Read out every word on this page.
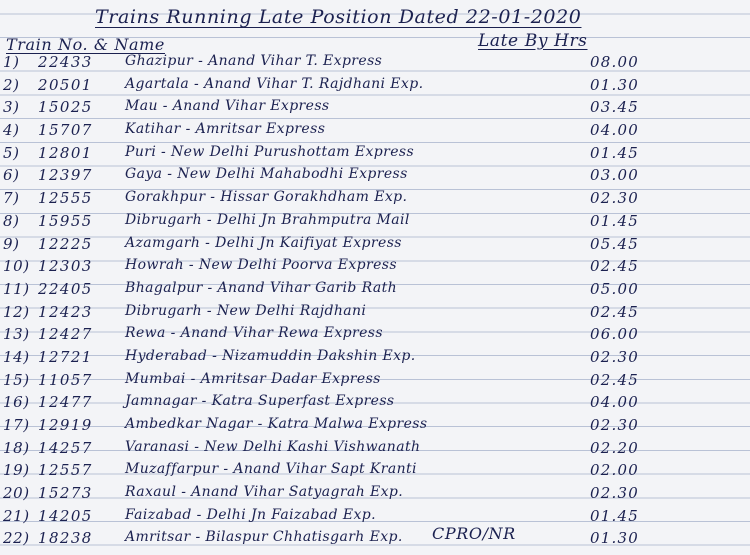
Trains Running Late Position Dated 22-01-2020
Train No. & Name	Late By Hrs
1) 22433 Ghazipur - Anand Vihar T. Express	08.00
2) 20501 Agartala - Anand Vihar T. Rajdhani Exp.	01.30
3) 15025 Mau - Anand Vihar Express	03.45
4) 15707 Katihar - Amritsar Express	04.00
5) 12801 Puri - New Delhi Purushottam Express	01.45
6) 12397 Gaya - New Delhi Mahabodhi Express	03.00
7) 12555 Gorakhpur - Hissar Gorakhdham Exp.	02.30
8) 15955 Dibrugarh - Delhi Jn Brahmputra Mail	01.45
9) 12225 Azamgarh - Delhi Jn Kaifiyat Express	05.45
10) 12303 Howrah - New Delhi Poorva Express	02.45
11) 22405 Bhagalpur - Anand Vihar Garib Rath	05.00
12) 12423 Dibrugarh - New Delhi Rajdhani	02.45
13) 12427 Rewa - Anand Vihar Rewa Express	06.00
14) 12721 Hyderabad - Nizamuddin Dakshin Exp.	02.30
15) 11057 Mumbai - Amritsar Dadar Express	02.45
16) 12477 Jamnagar - Katra Superfast Express	04.00
17) 12919 Ambedkar Nagar - Katra Malwa Express	02.30
18) 14257 Varanasi - New Delhi Kashi Vishwanath	02.20
19) 12557 Muzaffarpur - Anand Vihar Sapt Kranti	02.00
20) 15273 Raxaul - Anand Vihar Satyagrah Exp.	02.30
21) 14205 Faizabad - Delhi Jn Faizabad Exp.	01.45
22) 18238 Amritsar - Bilaspur Chhatisgarh Exp.	01.30
CPRO/NR
